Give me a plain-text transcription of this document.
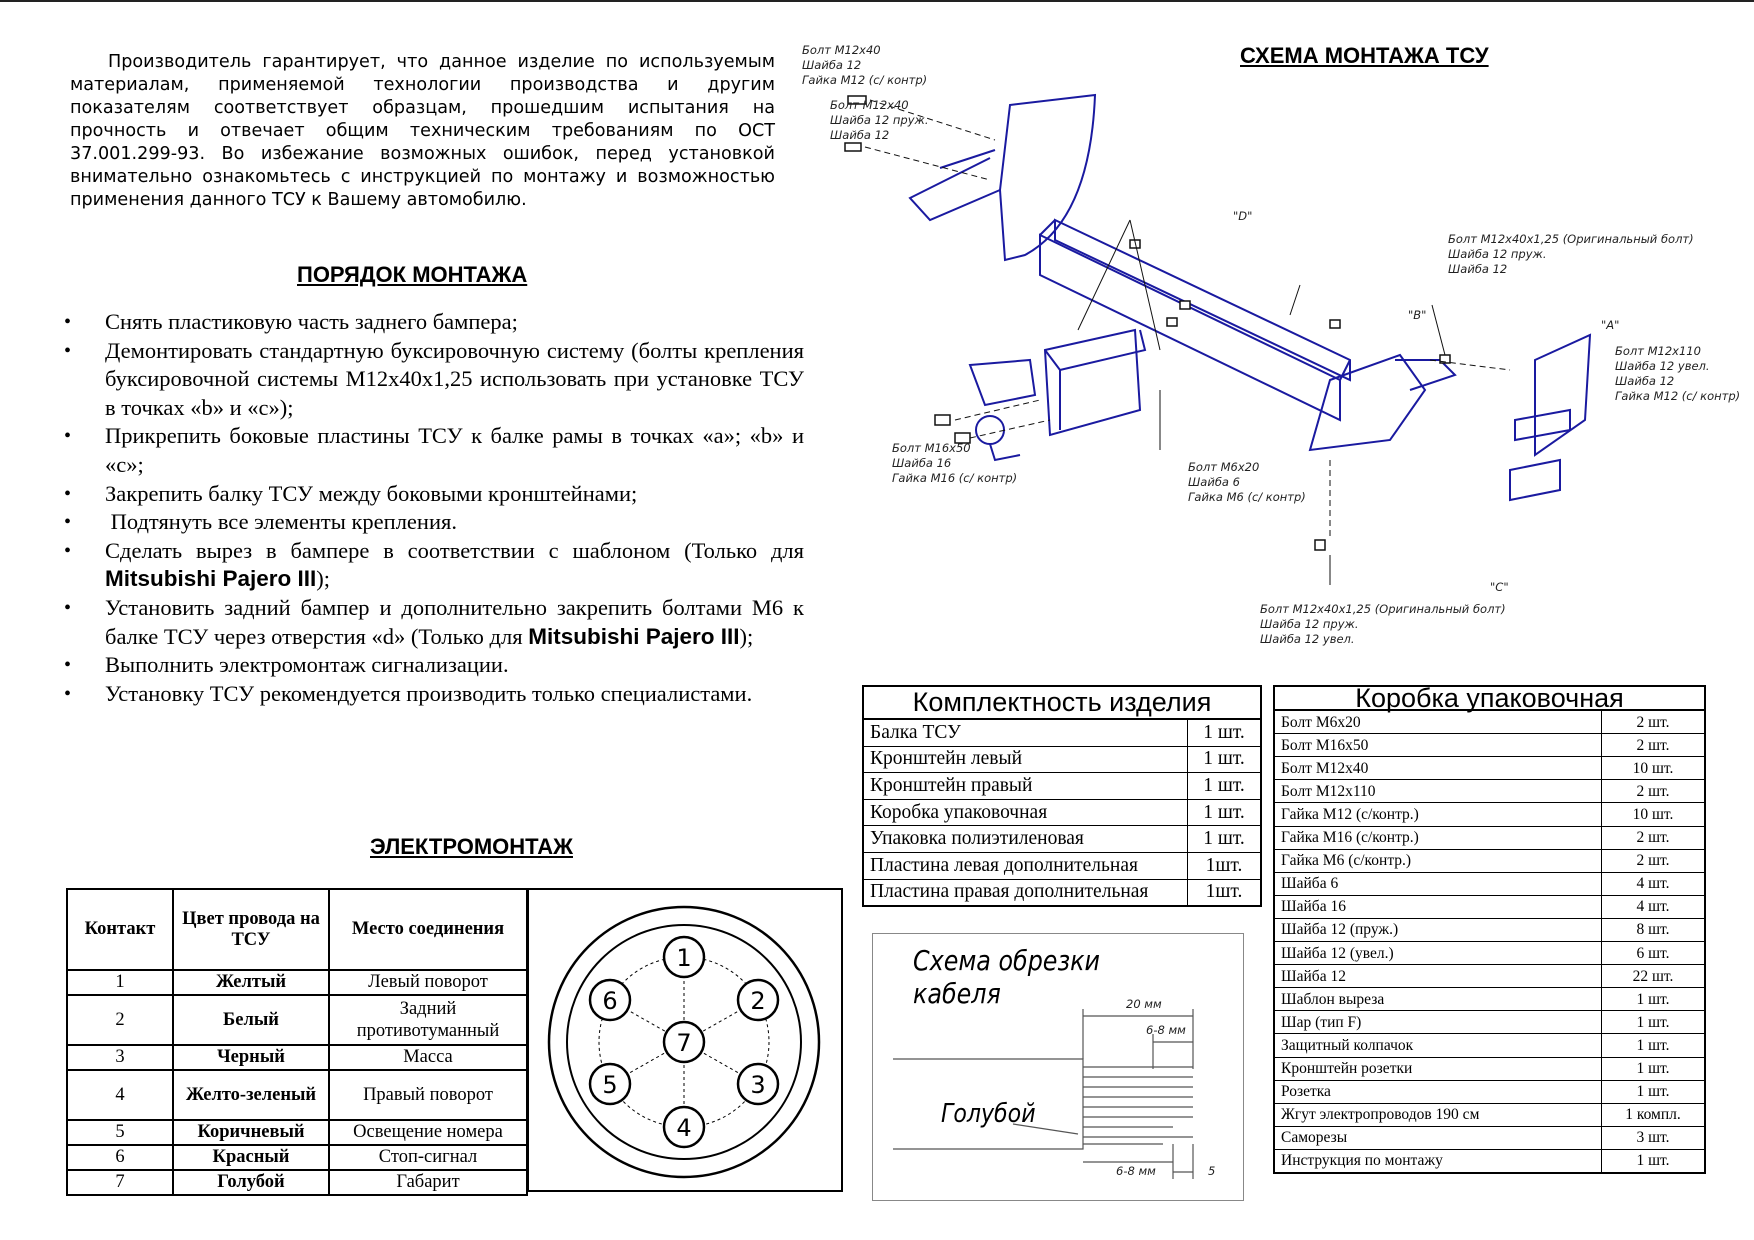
Производитель гарантирует, что данное изделие по используемым материалам, применяемой технологии производства и другим показателям соответствует образцам, прошедшим испытания на прочность и отвечает общим техническим требованиям по ОСТ 37.001.299-93. Во избежание возможных ошибок, перед установкой внимательно ознакомьтесь с инструкцией по монтажу и возможностью применения данного ТСУ к Вашему автомобилю.
ПОРЯДОК МОНТАЖА
• Снять пластиковую часть заднего бампера;
• Демонтировать стандартную буксировочную систему (болты крепления буксировочной системы М12х40х1,25 использовать при установке ТСУ в точках «b» и «c»);
• Прикрепить боковые пластины ТСУ к балке рамы в точках «a»; «b» и «c»;
• Закрепить балку ТСУ между боковыми кронштейнами;
• Подтянуть все элементы крепления.
• Сделать вырез в бампере в соответствии с шаблоном (Только для Mitsubishi Pajero III);
• Установить задний бампер и дополнительно закрепить болтами М6 к балке ТСУ через отверстия «d» (Только для Mitsubishi Pajero III);
• Выполнить электромонтаж сигнализации.
• Установку ТСУ рекомендуется производить только специалистами.
ЭЛЕКТРОМОНТАЖ
Контакт	Цвет провода на ТСУ	Место соединения
1	Желтый	Левый поворот
2	Белый	Задний противотуманный
3	Черный	Масса
4	Желто-зеленый	Правый поворот
5	Коричневый	Освещение номера
6	Красный	Стоп-сигнал
7	Голубой	Габарит
1
2
3
4
5
6
7
СХЕМА МОНТАЖА ТСУ
Болт М12х40
Шайба 12
Гайка М12 (с/ контр)
Болт М12х40
Шайба 12 пруж.
Шайба 12
Болт М12х40х1,25 (Оригинальный болт)
Шайба 12 пруж.
Шайба 12
Болт М12х110
Шайба 12 увел.
Шайба 12
Гайка М12 (с/ контр)
Болт М16х50
Шайба 16
Гайка М16 (с/ контр)
Болт М6х20
Шайба 6
Гайка М6 (с/ контр)
Болт М12х40х1,25 (Оригинальный болт)
Шайба 12 пруж.
Шайба 12 увел.
"D"
"B"
"A"
"C"
Комплектность изделия	
Балка ТСУ	1 шт.
Кронштейн левый	1 шт.
Кронштейн правый	1 шт.
Коробка упаковочная	1 шт.
Упаковка полиэтиленовая	1 шт.
Пластина левая дополнительная	1шт.
Пластина правая дополнительная	1шт.
Коробка упаковочная	
Болт М6х20	2 шт.
Болт М16х50	2 шт.
Болт М12х40	10 шт.
Болт М12х110	2 шт.
Гайка М12 (с/контр.)	10 шт.
Гайка М16 (с/контр.)	2 шт.
Гайка М6 (с/контр.)	2 шт.
Шайба 6	4 шт.
Шайба 16	4 шт.
Шайба 12 (пруж.)	8 шт.
Шайба 12 (увел.)	6 шт.
Шайба 12	22 шт.
Шаблон выреза	1 шт.
Шар (тип F)	1 шт.
Защитный колпачок	1 шт.
Кронштейн розетки	1 шт.
Розетка	1 шт.
Жгут электропроводов 190 см	1 компл.
Саморезы	3 шт.
Инструкция по монтажу	1 шт.
Схема обрезки кабеля	20 мм
6-8 мм
6-8 мм	5
Голубой
